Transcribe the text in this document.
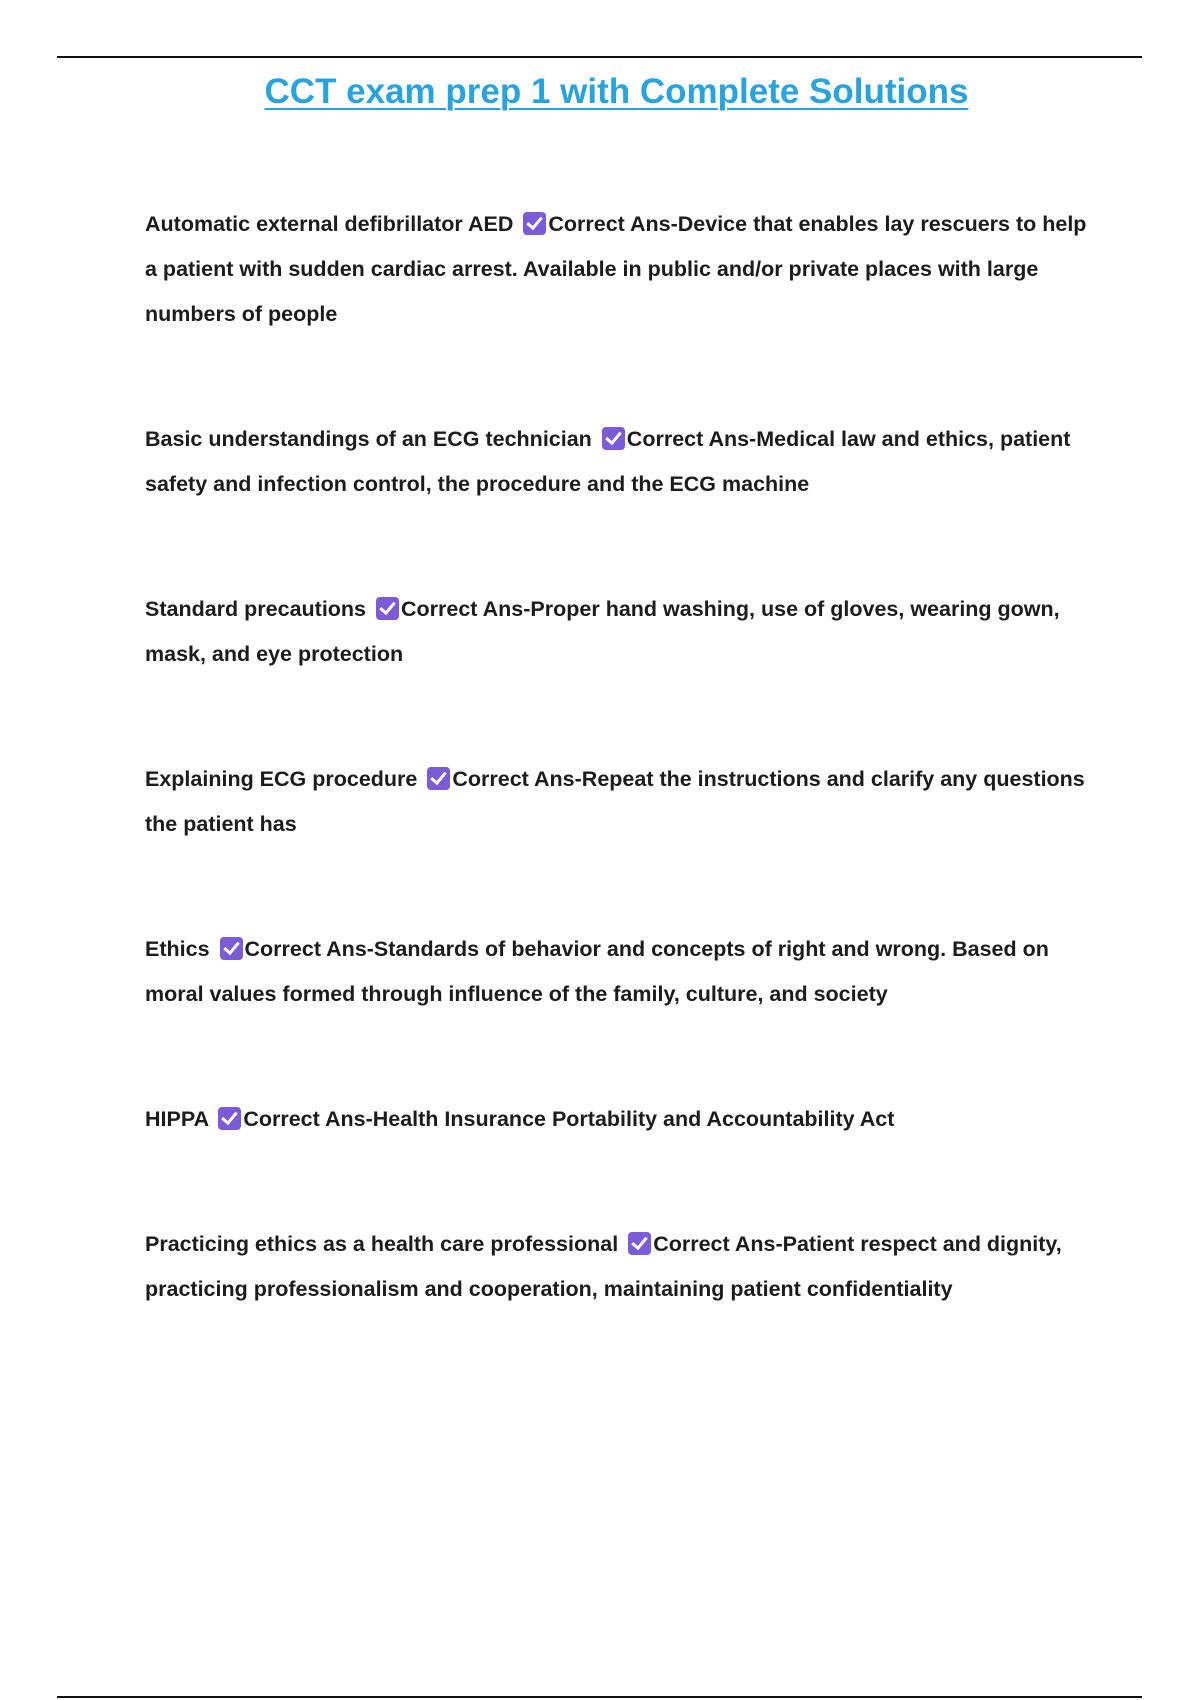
CCT exam prep 1 with Complete Solutions

Automatic external defibrillator AED Correct Ans-Device that enables lay rescuers to help a patient with sudden cardiac arrest. Available in public and/or private places with large numbers of people

Basic understandings of an ECG technician Correct Ans-Medical law and ethics, patient safety and infection control, the procedure and the ECG machine

Standard precautions Correct Ans-Proper hand washing, use of gloves, wearing gown, mask, and eye protection

Explaining ECG procedure Correct Ans-Repeat the instructions and clarify any questions the patient has

Ethics Correct Ans-Standards of behavior and concepts of right and wrong. Based on moral values formed through influence of the family, culture, and society

HIPPA Correct Ans-Health Insurance Portability and Accountability Act

Practicing ethics as a health care professional Correct Ans-Patient respect and dignity, practicing professionalism and cooperation, maintaining patient confidentiality
